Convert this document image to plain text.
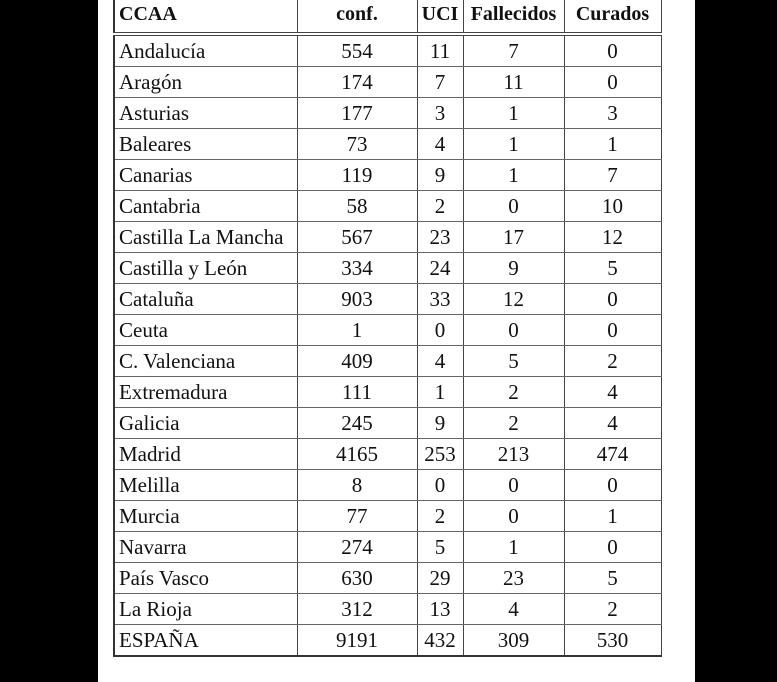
CCAA	conf.	UCI	Fallecidos	Curados
Andalucía	554	11	7	0
Aragón	174	7	11	0
Asturias	177	3	1	3
Baleares	73	4	1	1
Canarias	119	9	1	7
Cantabria	58	2	0	10
Castilla La Mancha	567	23	17	12
Castilla y León	334	24	9	5
Cataluña	903	33	12	0
Ceuta	1	0	0	0
C. Valenciana	409	4	5	2
Extremadura	111	1	2	4
Galicia	245	9	2	4
Madrid	4165	253	213	474
Melilla	8	0	0	0
Murcia	77	2	0	1
Navarra	274	5	1	0
País Vasco	630	29	23	5
La Rioja	312	13	4	2
ESPAÑA	9191	432	309	530
